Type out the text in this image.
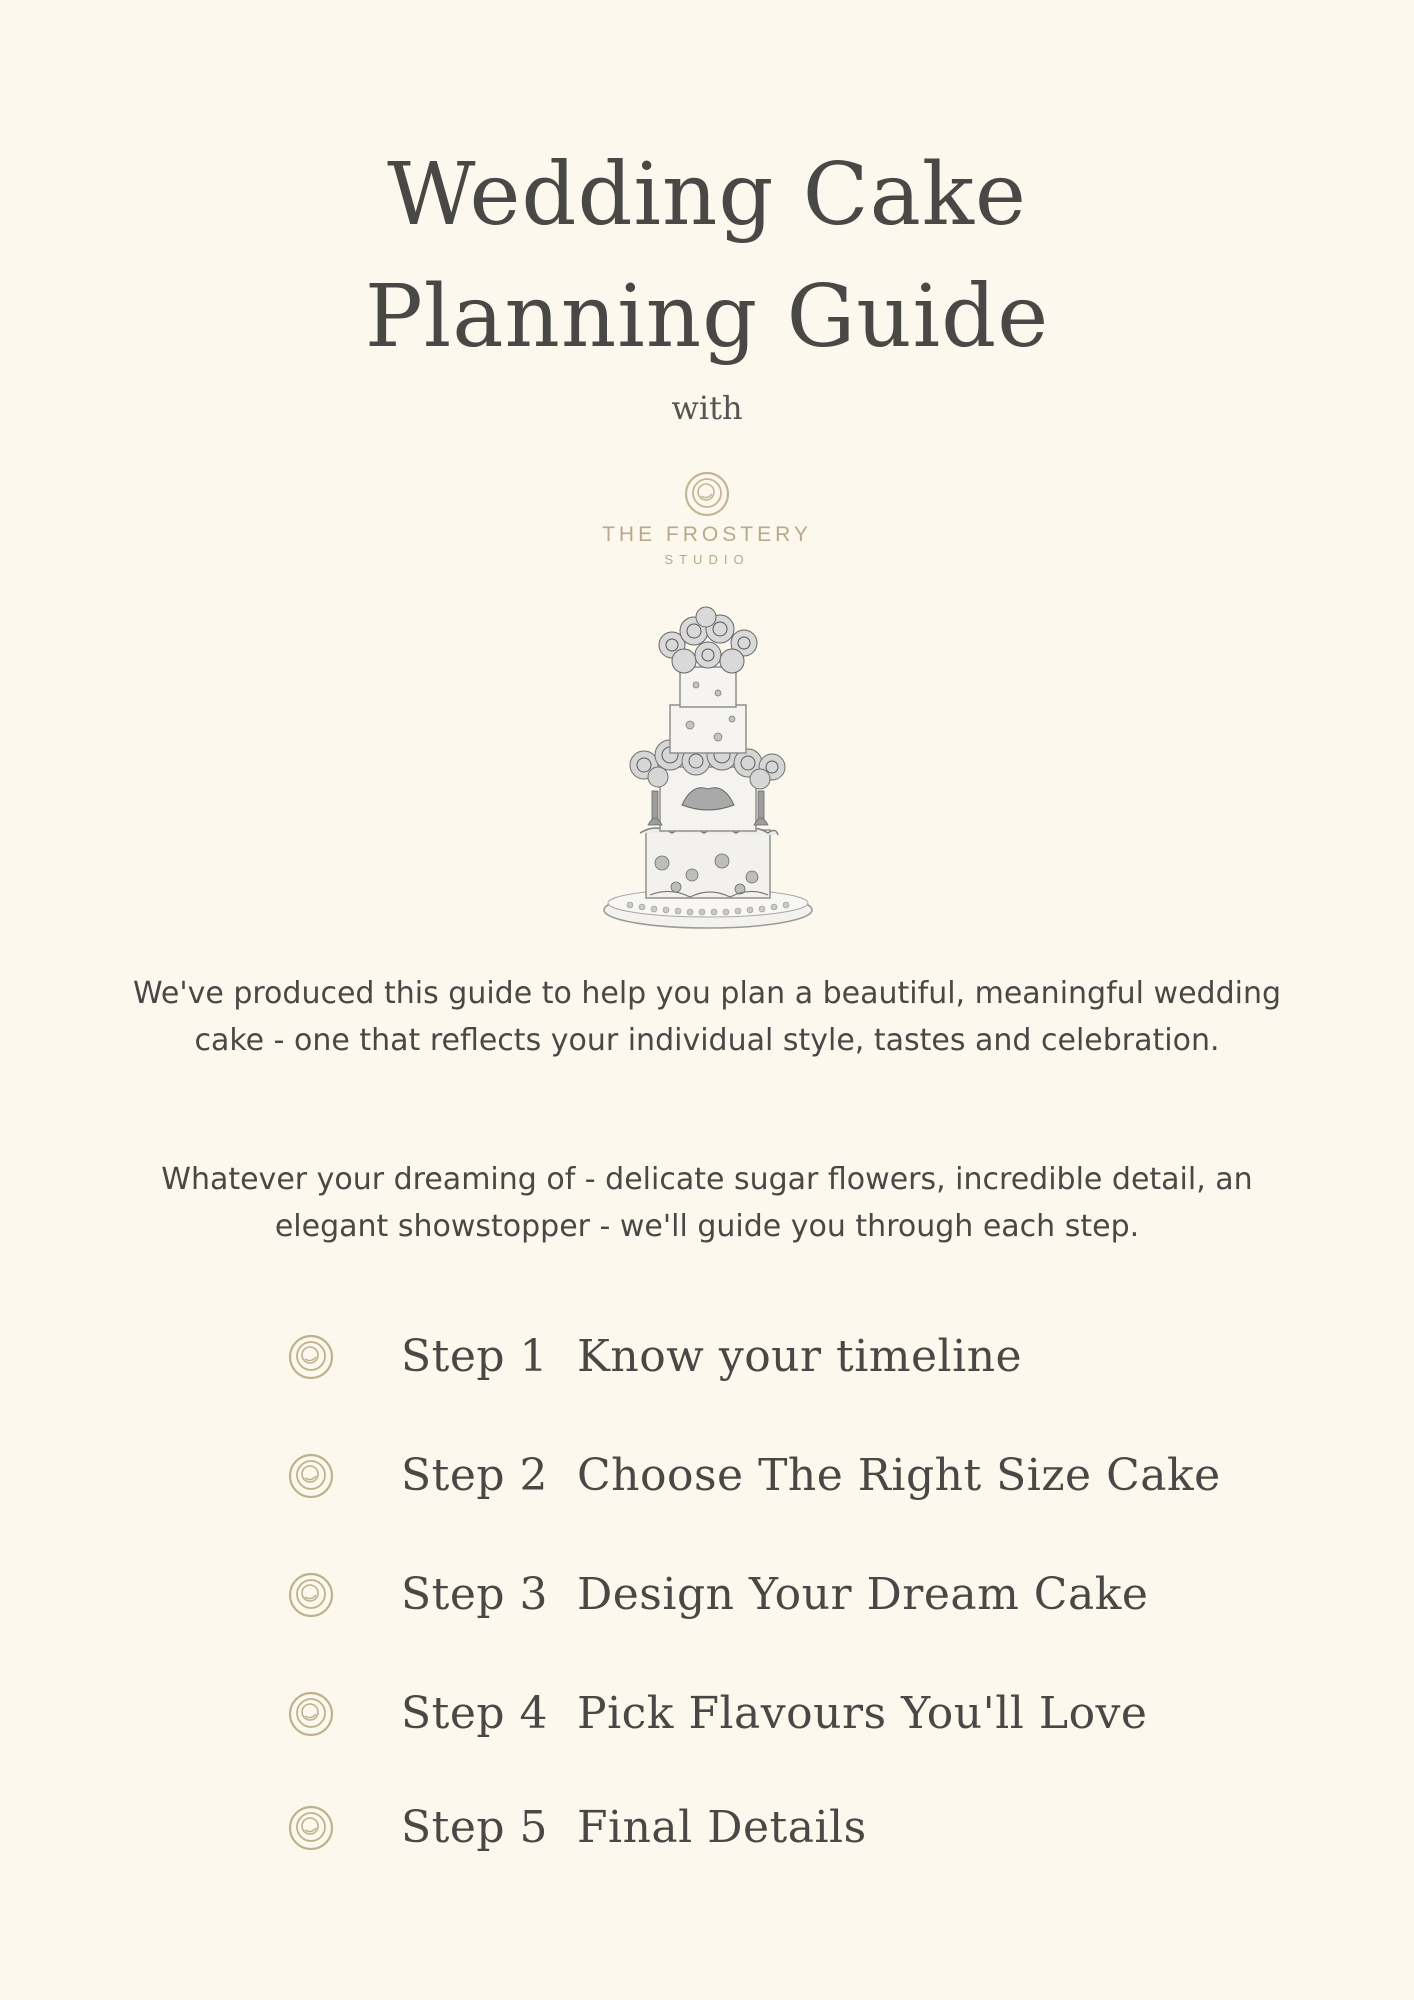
Wedding Cake
Planning Guide
with
THE FROSTERY
STUDIO

We've produced this guide to help you plan a beautiful, meaningful wedding cake - one that reflects your individual style, tastes and celebration.

Whatever your dreaming of - delicate sugar flowers, incredible detail, an elegant showstopper - we'll guide you through each step.

Step 1  Know your timeline
Step 2  Choose The Right Size Cake
Step 3  Design Your Dream Cake
Step 4  Pick Flavours You'll Love
Step 5  Final Details
